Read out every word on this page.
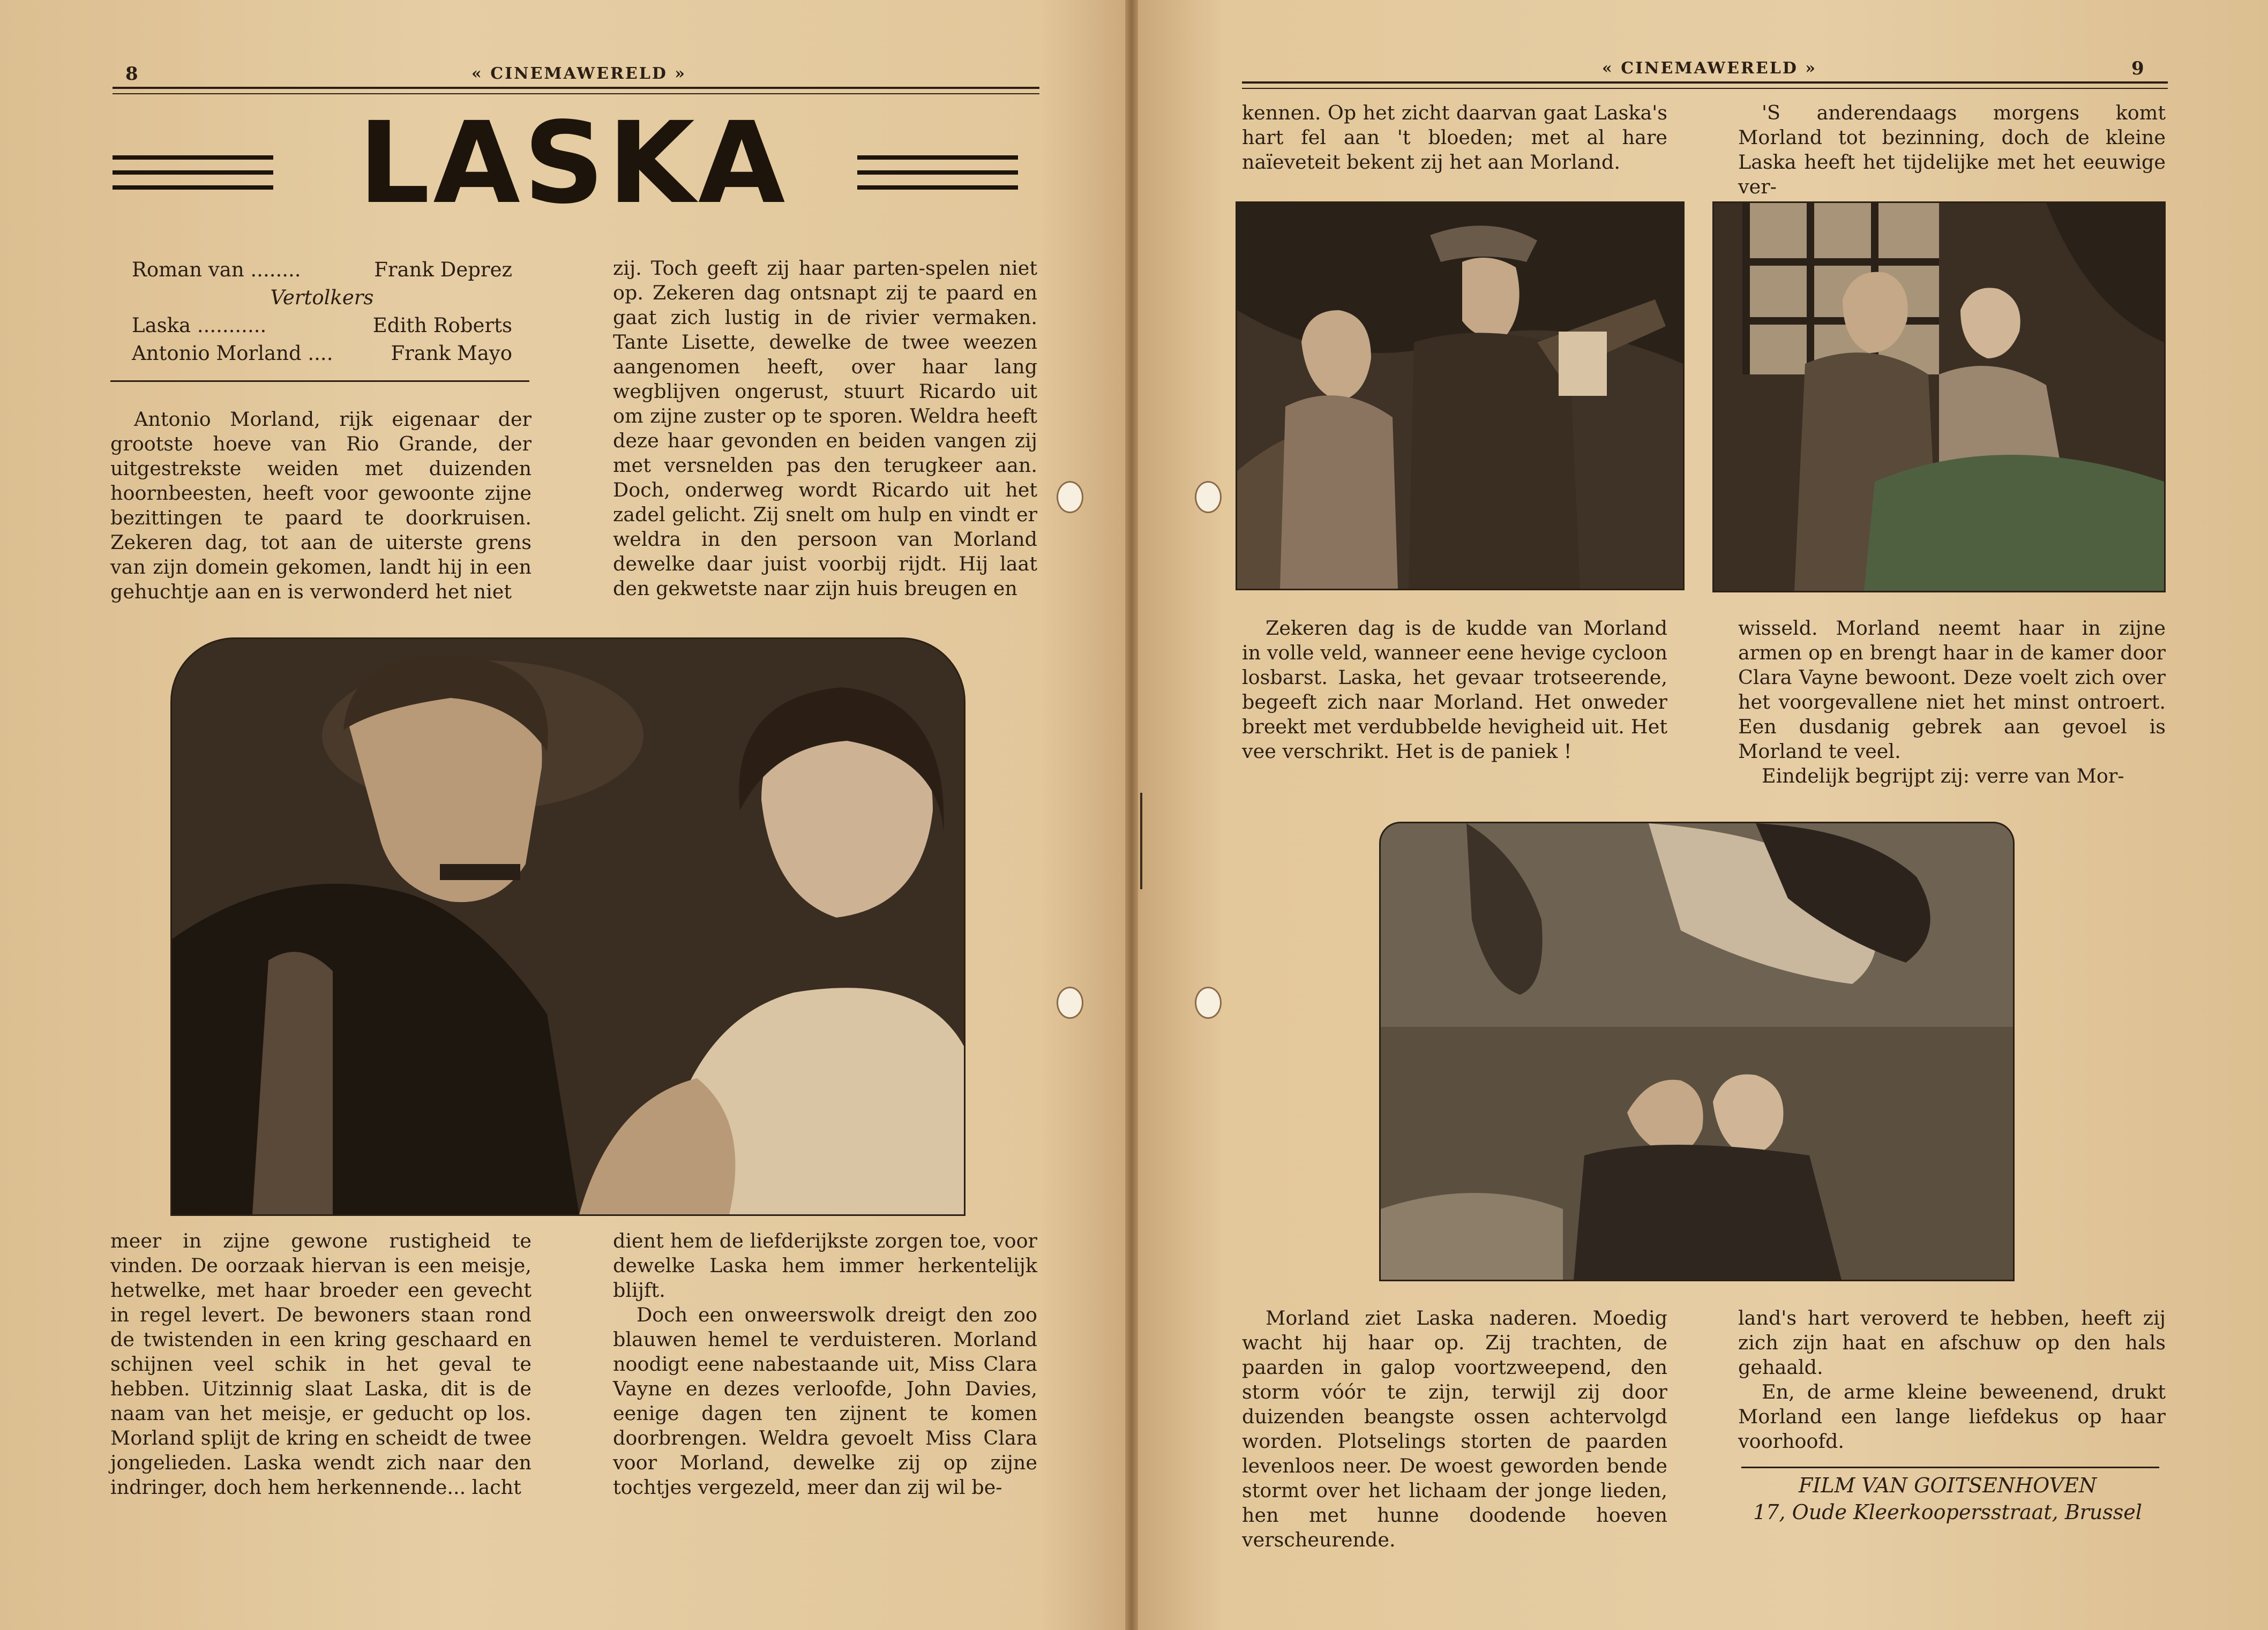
8	« CINEMAWERELD »	« CINEMAWERELD »	9
LASKA
Roman van ........	Frank Deprez
Vertolkers
Laska ...........	Edith Roberts
Antonio Morland ....	Frank Mayo

Antonio Morland, rijk eigenaar der grootste hoeve van Rio Grande, der uitgestrekste weiden met duizenden hoornbeesten, heeft voor gewoonte zijne bezittingen te paard te doorkruisen. Zekeren dag, tot aan de uiterste grens van zijn domein gekomen, landt hij in een gehuchtje aan en is verwonderd het niet

zij. Toch geeft zij haar parten-spelen niet op. Zekeren dag ontsnapt zij te paard en gaat zich lustig in de rivier vermaken. Tante Lisette, dewelke de twee weezen aangenomen heeft, over haar lang wegblijven ongerust, stuurt Ricardo uit om zijne zuster op te sporen. Weldra heeft deze haar gevonden en beiden vangen zij met versnelden pas den terugkeer aan. Doch, onderweg wordt Ricardo uit het zadel gelicht. Zij snelt om hulp en vindt er weldra in den persoon van Morland dewelke daar juist voorbij rijdt. Hij laat den gekwetste naar zijn huis breugen en

meer in zijne gewone rustigheid te vinden. De oorzaak hiervan is een meisje, hetwelke, met haar broeder een gevecht in regel levert. De bewoners staan rond de twistenden in een kring geschaard en schijnen veel schik in het geval te hebben. Uitzinnig slaat Laska, dit is de naam van het meisje, er geducht op los. Morland splijt de kring en scheidt de twee jongelieden. Laska wendt zich naar den indringer, doch hem herkennende... lacht

dient hem de liefderijkste zorgen toe, voor dewelke Laska hem immer herkentelijk blijft.

Doch een onweerswolk dreigt den zoo blauwen hemel te verduisteren. Morland noodigt eene nabestaande uit, Miss Clara Vayne en dezes verloofde, John Davies, eenige dagen ten zijnent te komen doorbrengen. Weldra gevoelt Miss Clara voor Morland, dewelke zij op zijne tochtjes vergezeld, meer dan zij wil be-

kennen. Op het zicht daarvan gaat Laska's hart fel aan 't bloeden; met al hare naïeveteit bekent zij het aan Morland.

'S anderendaags morgens komt Morland tot bezinning, doch de kleine Laska heeft het tijdelijke met het eeuwige ver-

Zekeren dag is de kudde van Morland in volle veld, wanneer eene hevige cycloon losbarst. Laska, het gevaar trotseerende, begeeft zich naar Morland. Het onweder breekt met verdubbelde hevigheid uit. Het vee verschrikt. Het is de paniek !

wisseld. Morland neemt haar in zijne armen op en brengt haar in de kamer door Clara Vayne bewoont. Deze voelt zich over het voorgevallene niet het minst ontroert. Een dusdanig gebrek aan gevoel is Morland te veel.

Eindelijk begrijpt zij: verre van Mor-

Morland ziet Laska naderen. Moedig wacht hij haar op. Zij trachten, de paarden in galop voortzweepend, den storm vóór te zijn, terwijl zij door duizenden beangste ossen achtervolgd worden. Plotselings storten de paarden levenloos neer. De woest geworden bende stormt over het lichaam der jonge lieden, hen met hunne doodende hoeven verscheurende.

land's hart veroverd te hebben, heeft zij zich zijn haat en afschuw op den hals gehaald.

En, de arme kleine beweenend, drukt Morland een lange liefdekus op haar voorhoofd.

FILM VAN GOITSENHOVEN
17, Oude Kleerkoopersstraat, Brussel
